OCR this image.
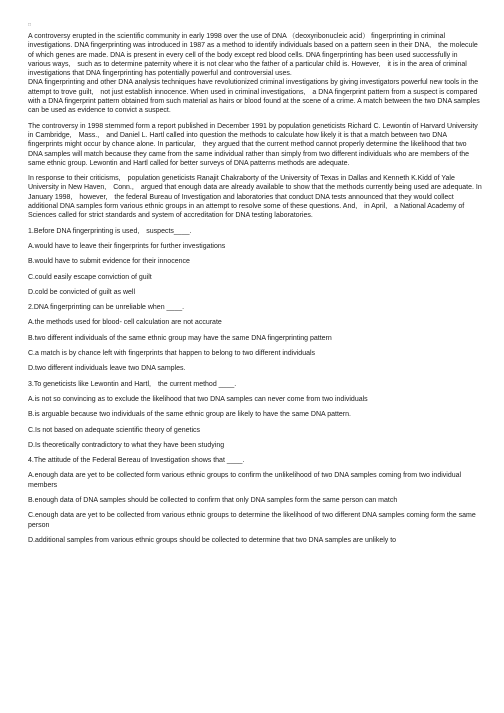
□

A controversy erupted in the scientific community in early 1998 over the use of DNA （deoxyribonucleic acid） fingerprinting in criminal investigations. DNA fingerprinting was introduced in 1987 as a method to identify individuals based on a pattern seen in their DNA,　the molecule of which genes are made. DNA is present in every cell of the body except red blood cells. DNA fingerprinting has been used successfully in various ways,　such as to determine paternity where it is not clear who the father of a particular child is. However,　it is in the area of criminal investigations that DNA fingerprinting has potentially powerful and controversial uses.

DNA fingerprinting and other DNA analysis techniques have revolutionized criminal investigations by giving investigators powerful new tools in the attempt to trove guilt,　not just establish innocence. When used in criminal investigations,　a DNA fingerprint pattern from a suspect is compared with a DNA fingerprint pattern obtained from such material as hairs or blood found at the scene of a crime. A match between the two DNA samples can be used as evidence to convict a suspect.

The controversy in 1998 stemmed form a report published in December 1991 by population geneticists Richard C. Lewontin of Harvard University in Cambridge,　Mass.,　and Daniel L. Hartl called into question the methods to calculate how likely it is that a match between two DNA fingerprints might occur by chance alone. In particular,　they argued that the current method cannot properly determine the likelihood that two DNA samples will match because they came from the same individual rather than simply from two different individuals who are members of the same ethnic group. Lewontin and Hartl called for better surveys of DNA patterns methods are adequate.

In response to their criticisms,　population geneticists Ranajit Chakraborty of the University of Texas in Dallas and Kenneth K.Kidd of Yale University in New Haven,　Conn.,　argued that enough data are already available to show that the methods currently being used are adequate. In January 1998,　however,　the federal Bureau of Investigation and laboratories that conduct DNA tests announced that they would collect additional DNA samples form various ethnic groups in an attempt to resolve some of these questions. And,　in April,　a National Academy of Sciences called for strict standards and system of accreditation for DNA testing laboratories.

1.Before DNA fingerprinting is used,　suspects____.

A.would have to leave their fingerprints for further investigations

B.would have to submit evidence for their innocence

C.could easily escape conviction of guilt

D.cold be convicted of guilt as well

2.DNA fingerprinting can be unreliable when ____.

A.the methods used for blood- cell calculation are not accurate

B.two different individuals of the same ethnic group may have the same DNA fingerprinting pattern

C.a match is by chance left with fingerprints that happen to belong to two different individuals

D.two different individuals leave two DNA samples.

3.To geneticists like Lewontin and Hartl,　the current method ____.

A.is not so convincing as to exclude the likelihood that two DNA samples can never come from two individuals

B.is arguable because two individuals of the same ethnic group are likely to have the same DNA pattern.

C.Is not based on adequate scientific theory of genetics

D.Is theoretically contradictory to what they have been studying

4.The attitude of the Federal Bereau of Investigation shows that ____.

A.enough data are yet to be collected form various ethnic groups to confirm the unlikelihood of two DNA samples coming from two individual members

B.enough data of DNA samples should be collected to confirm that only DNA samples form the same person can match

C.enough data are yet to be collected from various ethnic groups to determine the likelihood of two different DNA samples coming form the same person

D.additional samples from various ethnic groups should be collected to determine that two DNA samples are unlikely to
